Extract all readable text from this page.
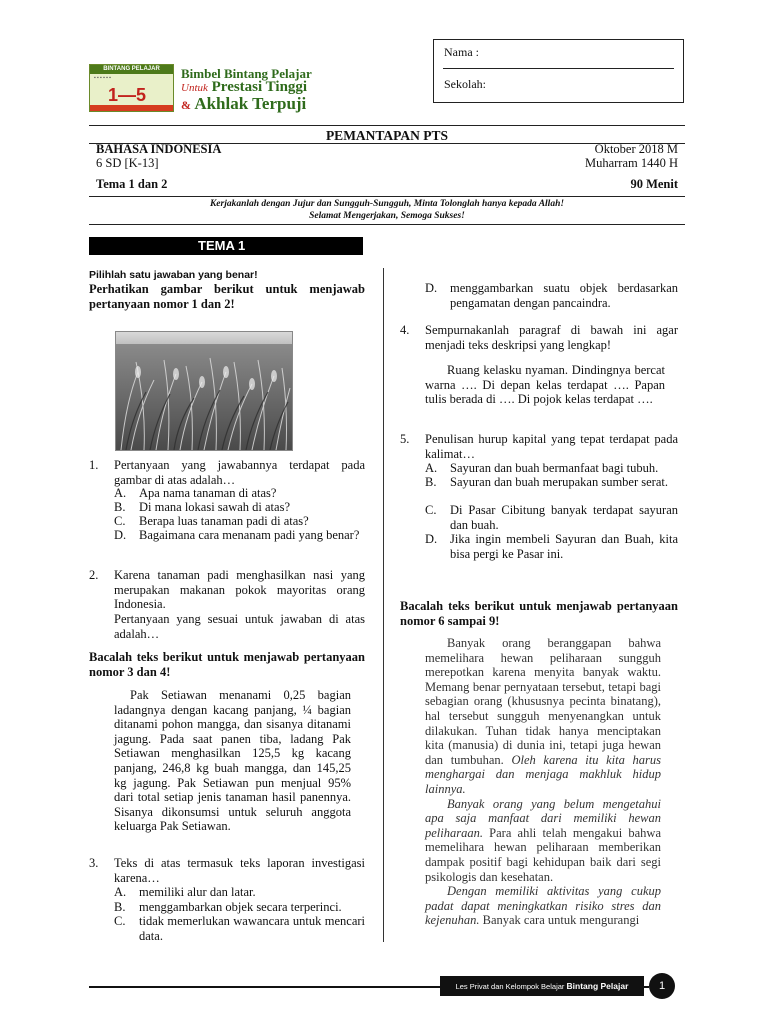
BINTANG PELAJAR
▪ ▪ ▪ ▪ ▪ ▪
1—5
Bimbel Bintang Pelajar
Untuk Prestasi Tinggi
& Akhlak Terpuji
Nama :
Sekolah:
PEMANTAPAN PTS
BAHASA INDONESIA	Oktober 2018 M
6 SD [K-13]	Muharram 1440 H
Tema 1 dan 2	90 Menit
Kerjakanlah dengan Jujur dan Sungguh-Sungguh, Minta Tolonglah hanya kepada Allah!
Selamat Mengerjakan, Semoga Sukses!
TEMA 1
Pilihlah satu jawaban yang benar!
Perhatikan gambar berikut untuk menjawab pertanyaan nomor 1 dan 2!
1. Pertanyaan yang jawabannya terdapat pada gambar di atas adalah…
A. Apa nama tanaman di atas?
B. Di mana lokasi sawah di atas?
C. Berapa luas tanaman padi di atas?
D. Bagaimana cara menanam padi yang benar?
2. Karena tanaman padi menghasilkan nasi yang merupakan makanan pokok mayoritas orang Indonesia.
Pertanyaan yang sesuai untuk jawaban di atas adalah…
Bacalah teks berikut untuk menjawab pertanyaan nomor 3 dan 4!
Pak Setiawan menanami 0,25 bagian ladangnya dengan kacang panjang, ¼ bagian ditanami pohon mangga, dan sisanya ditanami jagung. Pada saat panen tiba, ladang Pak Setiawan menghasilkan 125,5 kg kacang panjang, 246,8 kg buah mangga, dan 145,25 kg jagung. Pak Setiawan pun menjual 95% dari total setiap jenis tanaman hasil panennya. Sisanya dikonsumsi untuk seluruh anggota keluarga Pak Setiawan.
3. Teks di atas termasuk teks laporan investigasi karena…
A. memiliki alur dan latar.
B. menggambarkan objek secara terperinci.
C. tidak memerlukan wawancara untuk mencari data.
D. menggambarkan suatu objek berdasarkan pengamatan dengan pancaindra.
4. Sempurnakanlah paragraf di bawah ini agar menjadi teks deskripsi yang lengkap!
Ruang kelasku nyaman. Dindingnya bercat warna …. Di depan kelas terdapat …. Papan tulis berada di …. Di pojok kelas terdapat ….
5. Penulisan hurup kapital yang tepat terdapat pada kalimat…
A. Sayuran dan buah bermanfaat bagi tubuh.
B. Sayuran dan buah merupakan sumber serat.
C. Di Pasar Cibitung banyak terdapat sayuran dan buah.
D. Jika ingin membeli Sayuran dan Buah, kita bisa pergi ke Pasar ini.
Bacalah teks berikut untuk menjawab pertanyaan nomor 6 sampai 9!
Banyak orang beranggapan bahwa memelihara hewan peliharaan sungguh merepotkan karena menyita banyak waktu. Memang benar pernyataan tersebut, tetapi bagi sebagian orang (khususnya pecinta binatang), hal tersebut sungguh menyenangkan untuk dilakukan. Tuhan tidak hanya menciptakan kita (manusia) di dunia ini, tetapi juga hewan dan tumbuhan. Oleh karena itu kita harus menghargai dan menjaga makhluk hidup lainnya.
Banyak orang yang belum mengetahui apa saja manfaat dari memiliki hewan peliharaan. Para ahli telah mengakui bahwa memelihara hewan peliharaan memberikan dampak positif bagi kehidupan baik dari segi psikologis dan kesehatan.
Dengan memiliki aktivitas yang cukup padat dapat meningkatkan risiko stres dan kejenuhan. Banyak cara untuk mengurangi
Les Privat dan Kelompok Belajar Bintang Pelajar	1
